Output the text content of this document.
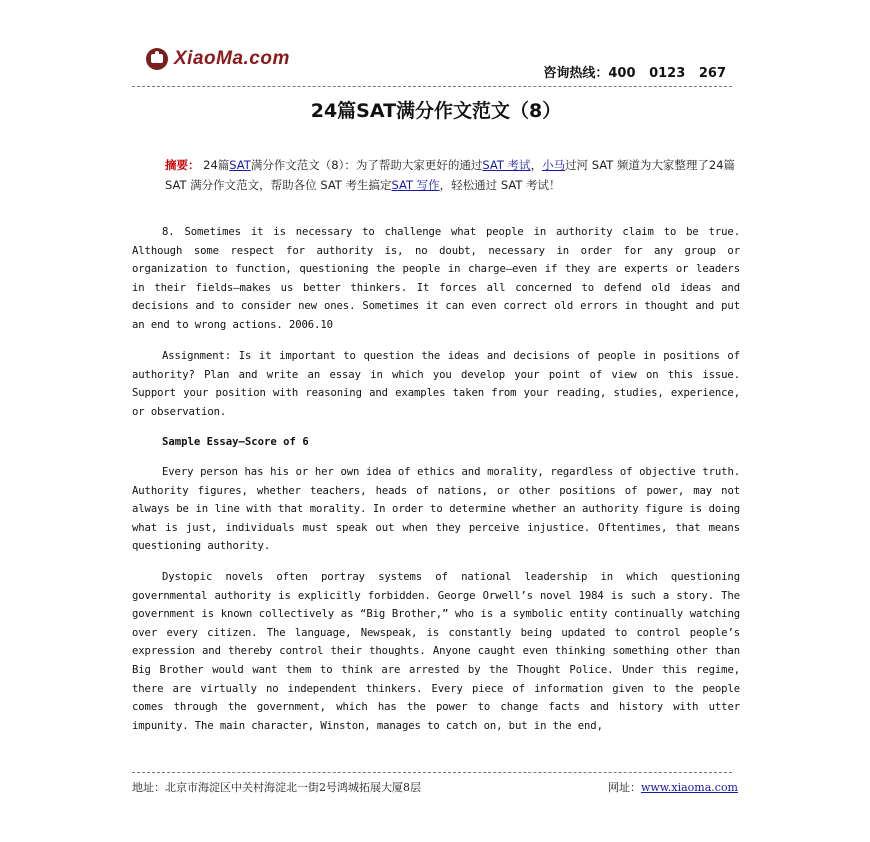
XiaoMa.com
咨询热线：400   0123   267
24篇SAT满分作文范文（8）
摘要： 24篇SAT满分作文范文（8）：为了帮助大家更好的通过SAT 考试，小马过河 SAT 频道为大家整理了24篇 SAT 满分作文范文，帮助各位 SAT 考生搞定SAT 写作，轻松通过 SAT 考试！

8. Sometimes it is necessary to challenge what people in authority claim to be true. Although some respect for authority is, no doubt, necessary in order for any group or organization to function, questioning the people in charge—even if they are experts or leaders in their fields—makes us better thinkers. It forces all concerned to defend old ideas and decisions and to consider new ones. Sometimes it can even correct old errors in thought and put an end to wrong actions. 2006.10

Assignment: Is it important to question the ideas and decisions of people in positions of authority? Plan and write an essay in which you develop your point of view on this issue. Support your position with reasoning and examples taken from your reading, studies, experience, or observation.

Sample Essay—Score of 6

Every person has his or her own idea of ethics and morality, regardless of objective truth. Authority figures, whether teachers, heads of nations, or other positions of power, may not always be in line with that morality. In order to determine whether an authority figure is doing what is just, individuals must speak out when they perceive injustice. Oftentimes, that means questioning authority.

Dystopic novels often portray systems of national leadership in which questioning governmental authority is explicitly forbidden. George Orwell’s novel 1984 is such a story. The government is known collectively as “Big Brother,” who is a symbolic entity continually watching over every citizen. The language, Newspeak, is constantly being updated to control people’s expression and thereby control their thoughts. Anyone caught even thinking something other than Big Brother would want them to think are arrested by the Thought Police. Under this regime, there are virtually no independent thinkers. Every piece of information given to the people comes through the government, which has the power to change facts and history with utter impunity. The main character, Winston, manages to catch on, but in the end,

地址：北京市海淀区中关村海淀北一街2号鸿城拓展大厦8层	网址：www.xiaoma.com
